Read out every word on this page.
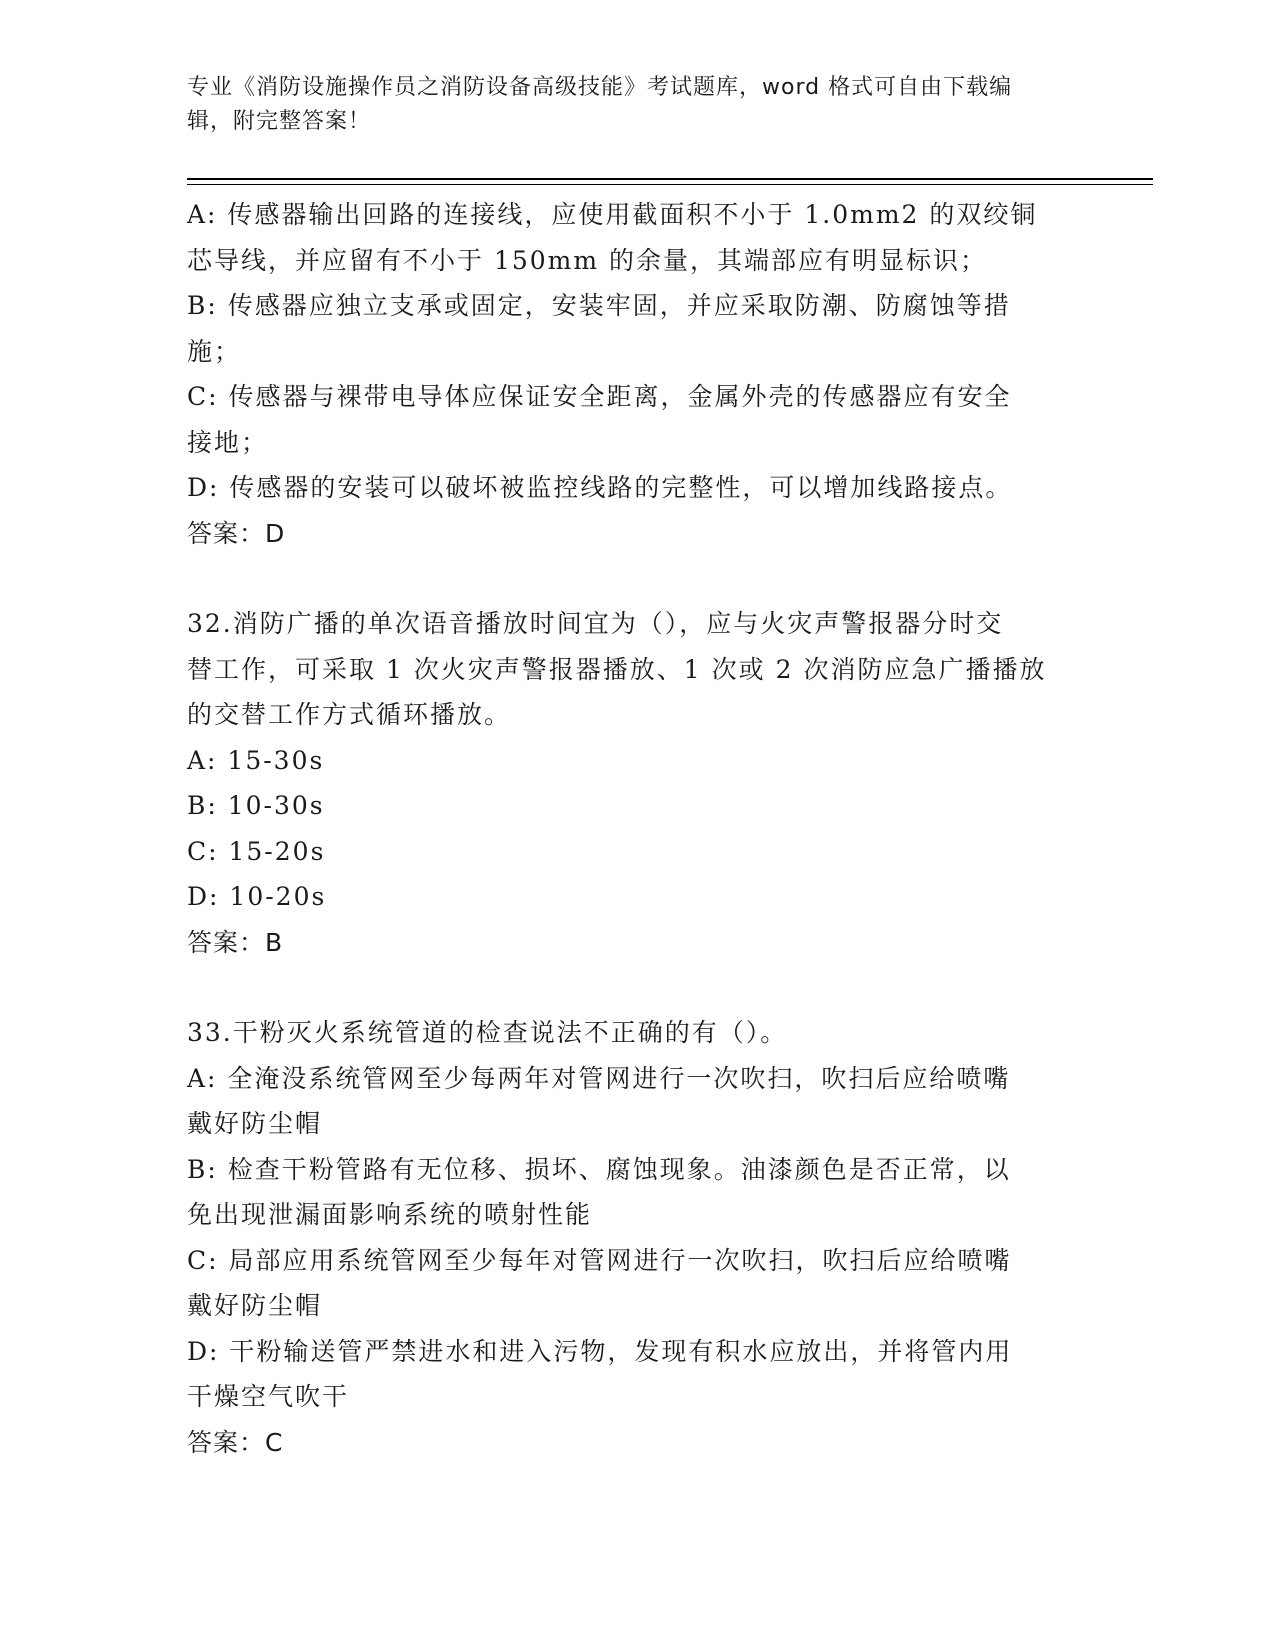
专业《消防设施操作员之消防设备高级技能》考试题库，word 格式可自由下载编
辑，附完整答案！
A: 传感器输出回路的连接线，应使用截面积不小于 1.0mm2 的双绞铜
芯导线，并应留有不小于 150mm 的余量，其端部应有明显标识；
B: 传感器应独立支承或固定，安装牢固，并应采取防潮、防腐蚀等措
施；
C: 传感器与裸带电导体应保证安全距离，金属外壳的传感器应有安全
接地；
D: 传感器的安装可以破坏被监控线路的完整性，可以增加线路接点。
答案：D
32.消防广播的单次语音播放时间宜为（），应与火灾声警报器分时交
替工作，可采取 1 次火灾声警报器播放、1 次或 2 次消防应急广播播放
的交替工作方式循环播放。
A: 15-30s
B: 10-30s
C: 15-20s
D: 10-20s
答案：B
33.干粉灭火系统管道的检查说法不正确的有（）。
A: 全淹没系统管网至少每两年对管网进行一次吹扫，吹扫后应给喷嘴
戴好防尘帽
B: 检查干粉管路有无位移、损坏、腐蚀现象。油漆颜色是否正常，以
免出现泄漏面影响系统的喷射性能
C: 局部应用系统管网至少每年对管网进行一次吹扫，吹扫后应给喷嘴
戴好防尘帽
D: 干粉输送管严禁进水和进入污物，发现有积水应放出，并将管内用
干燥空气吹干
答案：C
